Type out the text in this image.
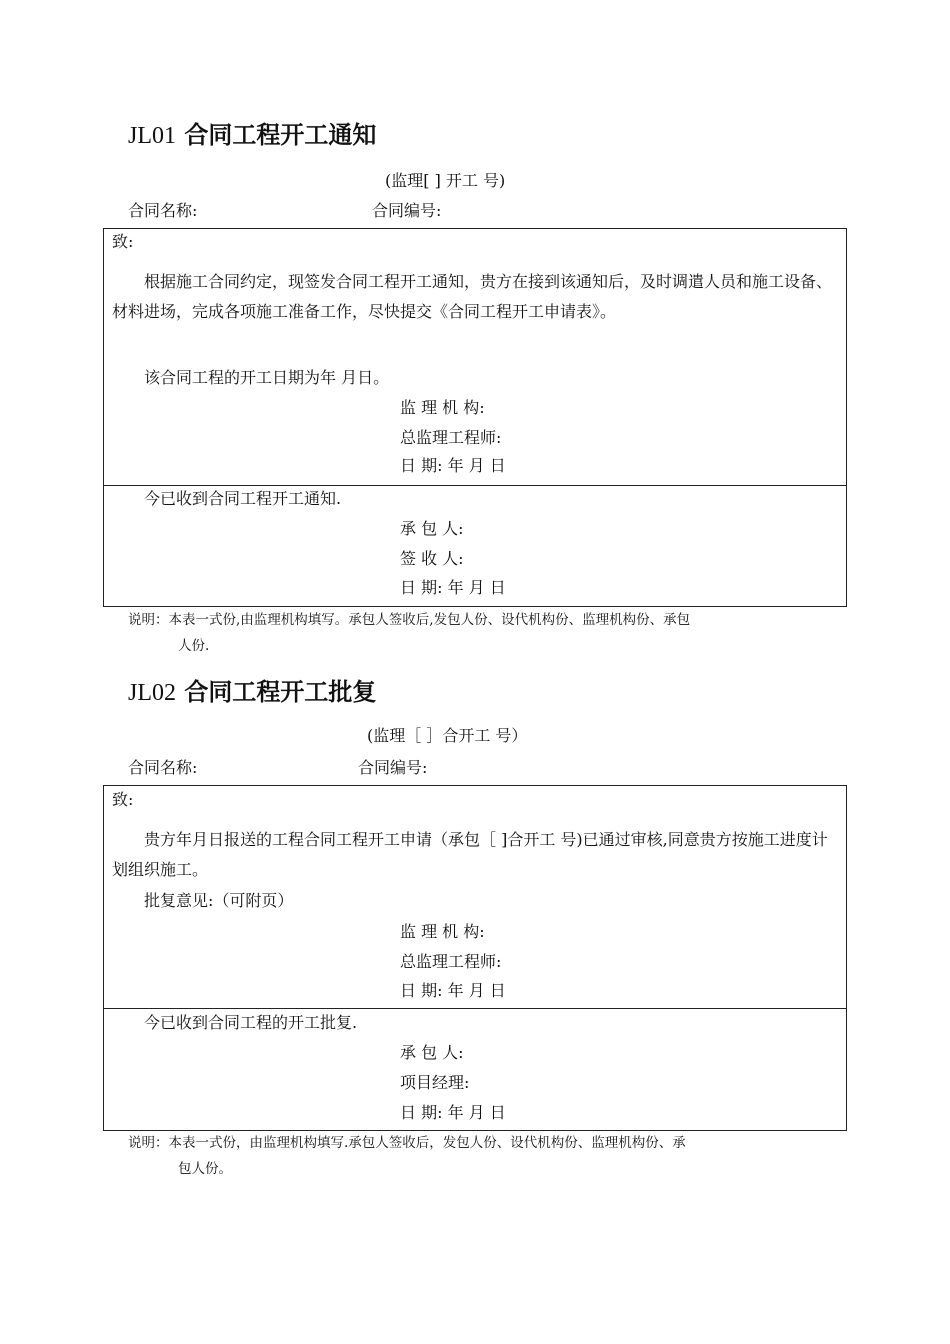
JL01 合同工程开工通知
(监理[ ] 开工 号)
合同名称:	合同编号:
致:
根据施工合同约定，现签发合同工程开工通知，贵方在接到该通知后，及时调遣人员和施工设备、材料进场，完成各项施工准备工作，尽快提交《合同工程开工申请表》。
该合同工程的开工日期为年 月日。
监 理 机 构:
总监理工程师:
日 期: 年 月 日
今已收到合同工程开工通知.
承 包 人:
签 收 人:
日 期: 年 月 日
说明：本表一式份,由监理机构填写。承包人签收后,发包人份、设代机构份、监理机构份、承包
人份.
JL02 合同工程开工批复
(监理［ ］合开工 号）
合同名称:	合同编号:
致:
贵方年月日报送的工程合同工程开工申请（承包［ ]合开工 号)已通过审核,同意贵方按施工进度计划组织施工。
批复意见:（可附页）
监 理 机 构:
总监理工程师:
日 期: 年 月 日
今已收到合同工程的开工批复.
承 包 人:
项目经理:
日 期: 年 月 日
说明：本表一式份，由监理机构填写.承包人签收后，发包人份、设代机构份、监理机构份、承
包人份。
